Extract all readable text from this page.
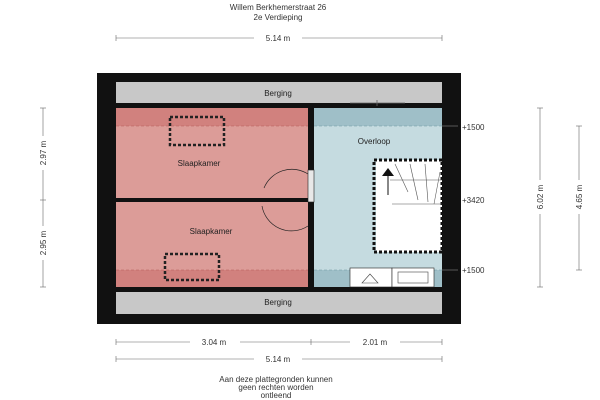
Willem Berkhemerstraat 26
2e Verdieping
5.14 m
Berging
Slaapkamer
Slaapkamer
Overloop
Berging
+1500
+3420
+1500
2.97 m
2.95 m
6.02 m	4.65 m
3.04 m	2.01 m
5.14 m
Aan deze plattegronden kunnen
geen rechten worden
ontleend
